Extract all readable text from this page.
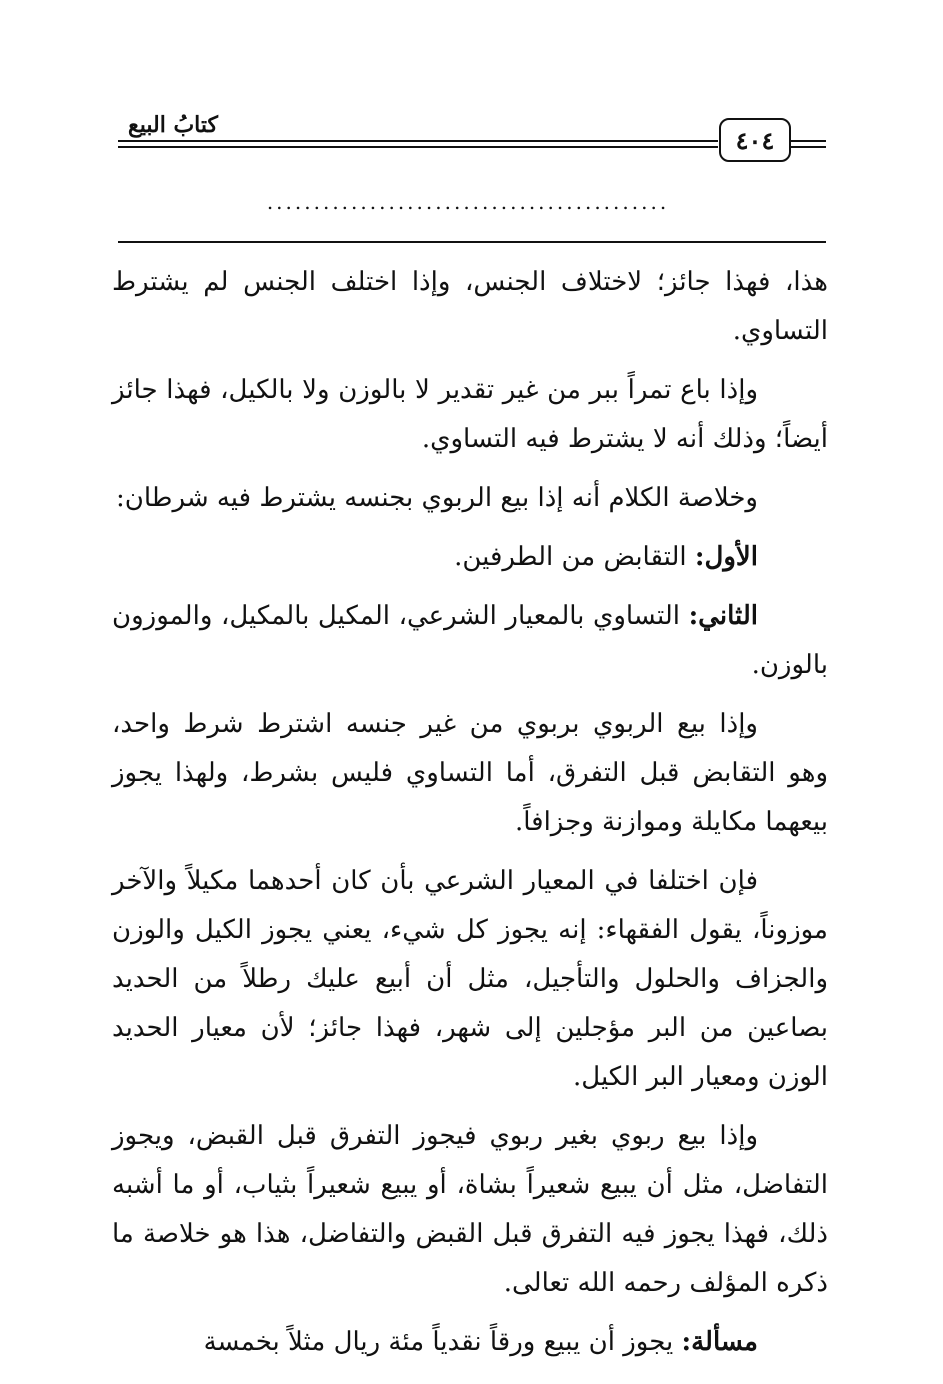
كتابُ البيع
٤٠٤
...........................................

هذا، فهذا جائز؛ لاختلاف الجنس، وإذا اختلف الجنس لم يشترط التساوي.

وإذا باع تمراً ببر من غير تقدير لا بالوزن ولا بالكيل، فهذا جائز أيضاً؛ وذلك أنه لا يشترط فيه التساوي.

وخلاصة الكلام أنه إذا بيع الربوي بجنسه يشترط فيه شرطان:

الأول: التقابض من الطرفين.

الثاني: التساوي بالمعيار الشرعي، المكيل بالمكيل، والموزون بالوزن.

وإذا بيع الربوي بربوي من غير جنسه اشترط شرط واحد، وهو التقابض قبل التفرق، أما التساوي فليس بشرط، ولهذا يجوز بيعهما مكايلة وموازنة وجزافاً.

فإن اختلفا في المعيار الشرعي بأن كان أحدهما مكيلاً والآخر موزوناً، يقول الفقهاء: إنه يجوز كل شيء، يعني يجوز الكيل والوزن والجزاف والحلول والتأجيل، مثل أن أبيع عليك رطلاً من الحديد بصاعين من البر مؤجلين إلى شهر، فهذا جائز؛ لأن معيار الحديد الوزن ومعيار البر الكيل.

وإذا بيع ربوي بغير ربوي فيجوز التفرق قبل القبض، ويجوز التفاضل، مثل أن يبيع شعيراً بشاة، أو يبيع شعيراً بثياب، أو ما أشبه ذلك، فهذا يجوز فيه التفرق قبل القبض والتفاضل، هذا هو خلاصة ما ذكره المؤلف رحمه الله تعالى.

مسألة: يجوز أن يبيع ورقاً نقدياً مئة ريال مثلاً بخمسة
